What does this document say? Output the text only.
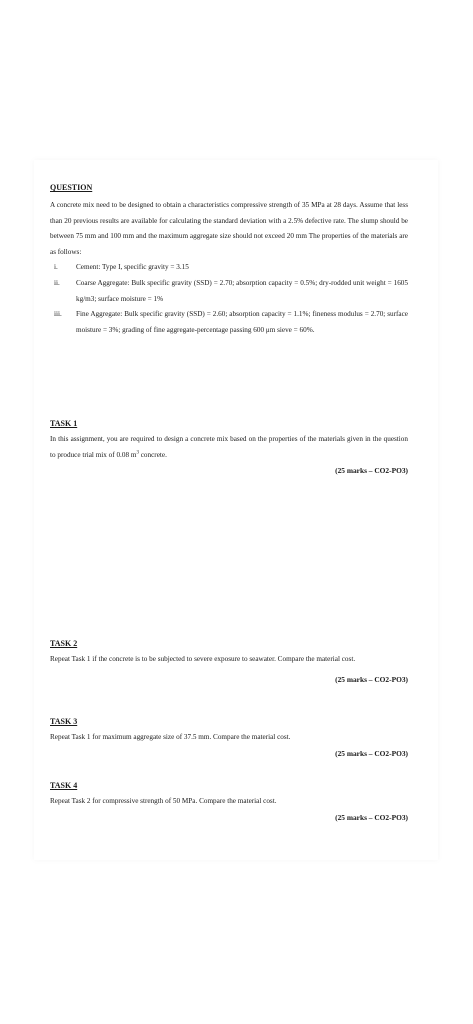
QUESTION

A concrete mix need to be designed to obtain a characteristics compressive strength of 35 MPa at 28 days. Assume that less than 20 previous results are available for calculating the standard deviation with a 2.5% defective rate. The slump should be between 75 mm and 100 mm and the maximum aggregate size should not exceed 20 mm The properties of the materials are as follows:

i.	Cement: Type I, specific gravity = 3.15
ii.	Coarse Aggregate: Bulk specific gravity (SSD) = 2.70; absorption capacity = 0.5%; dry-rodded unit weight = 1605 kg/m3; surface moisture = 1%
iii.	Fine Aggregate: Bulk specific gravity (SSD) = 2.60; absorption capacity = 1.1%; fineness modulus = 2.70; surface moisture = 3%; grading of fine aggregate-percentage passing 600 μm sieve = 60%.

TASK 1

In this assignment, you are required to design a concrete mix based on the properties of the materials given in the question to produce trial mix of 0.08 $m^3$ concrete.

(25 marks – CO2-PO3)

TASK 2

Repeat Task 1 if the concrete is to be subjected to severe exposure to seawater. Compare the material cost.

(25 marks – CO2-PO3)

TASK 3

Repeat Task 1 for maximum aggregate size of 37.5 mm. Compare the material cost.

(25 marks – CO2-PO3)

TASK 4

Repeat Task 2 for compressive strength of 50 MPa. Compare the material cost.

(25 marks – CO2-PO3)
